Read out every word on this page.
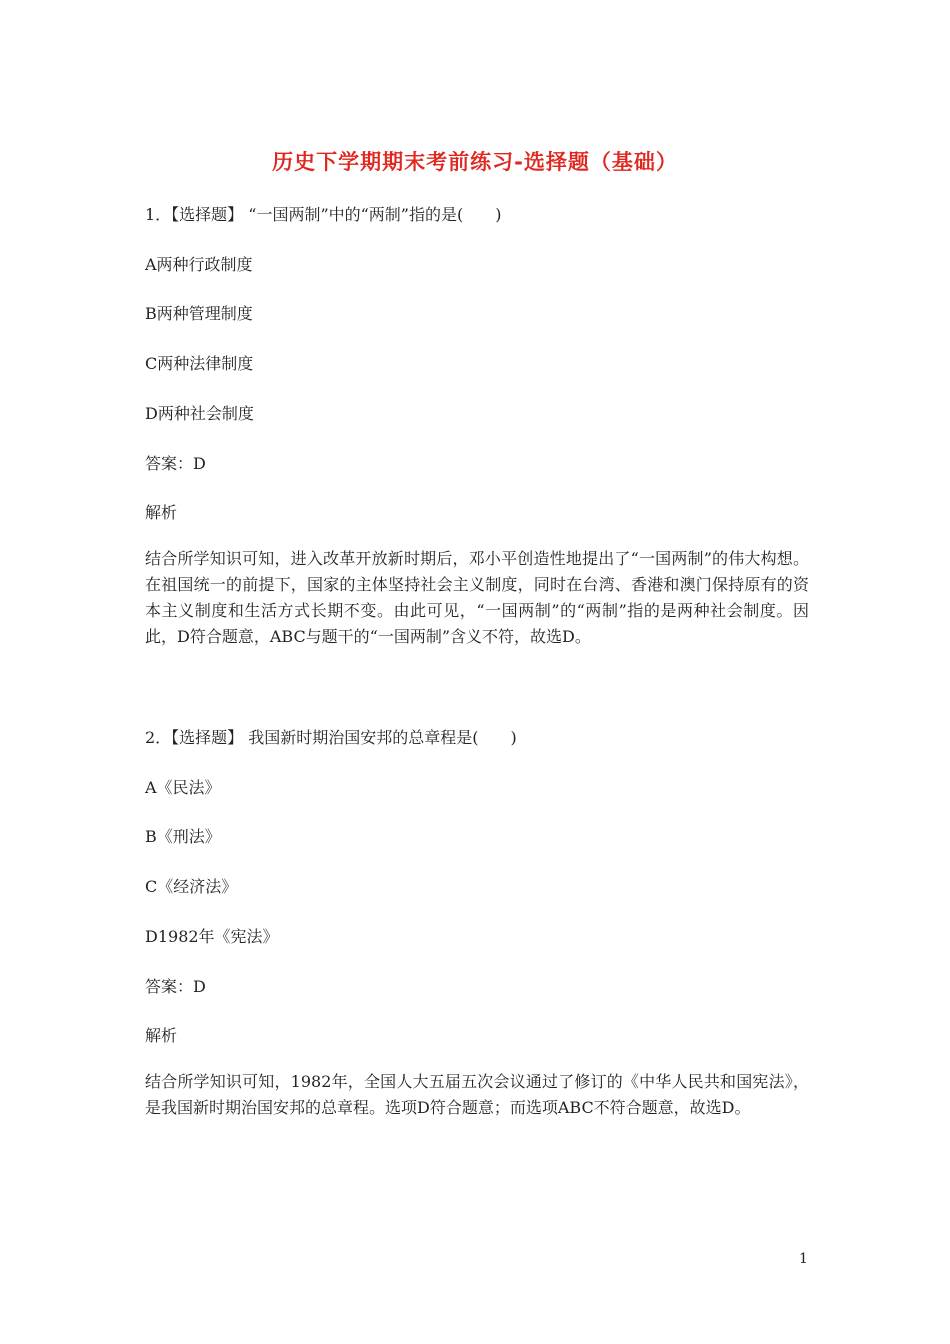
历史下学期期末考前练习-选择题（基础）
1．【选择题】 “一国两制”中的“两制”指的是(　　)
A两种行政制度
B两种管理制度
C两种法律制度
D两种社会制度
答案：D
解析
结合所学知识可知，进入改革开放新时期后，邓小平创造性地提出了“一国两制”的伟大构想。在祖国统一的前提下，国家的主体坚持社会主义制度，同时在台湾、香港和澳门保持原有的资本主义制度和生活方式长期不变。由此可见，“一国两制”的“两制”指的是两种社会制度。因此，D符合题意，ABC与题干的“一国两制”含义不符，故选D。
2．【选择题】 我国新时期治国安邦的总章程是(　　)
A《民法》
B《刑法》
C《经济法》
D1982年《宪法》
答案：D
解析
结合所学知识可知，1982年，全国人大五届五次会议通过了修订的《中华人民共和国宪法》，是我国新时期治国安邦的总章程。选项D符合题意；而选项ABC不符合题意，故选D。
1
